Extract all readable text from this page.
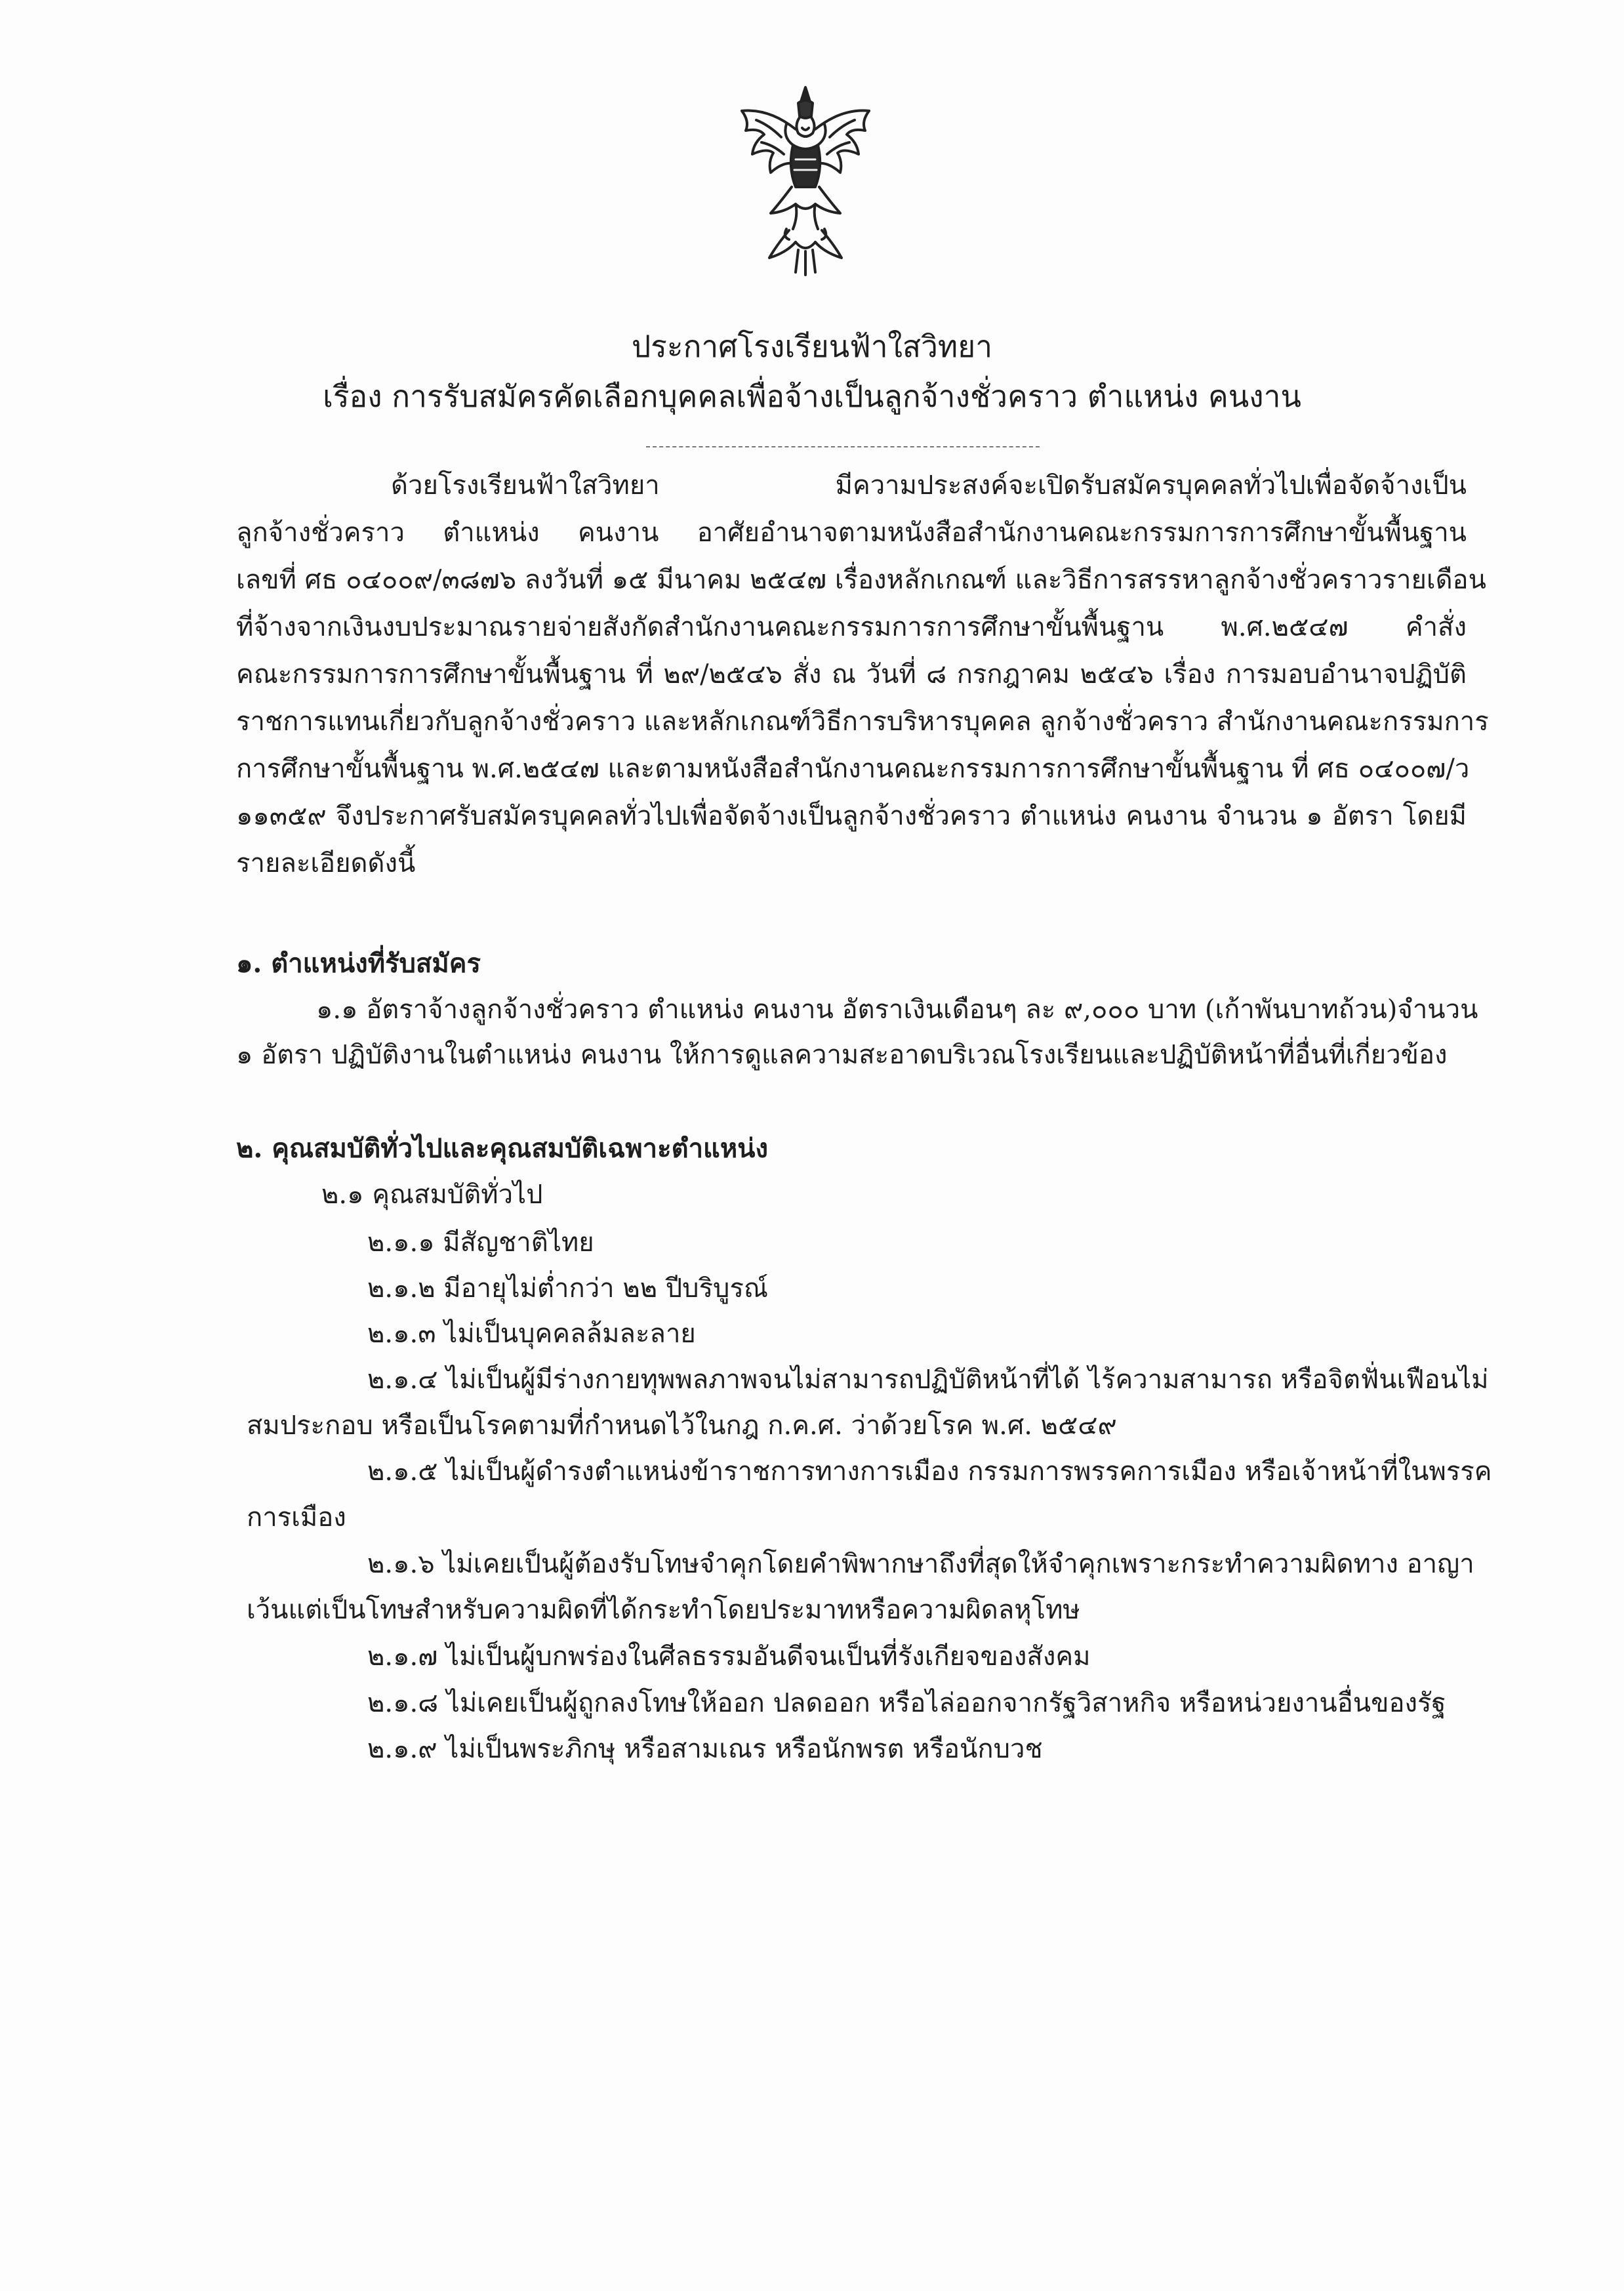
ประกาศโรงเรียนฟ้าใสวิทยา
เรื่อง การรับสมัครคัดเลือกบุคคลเพื่อจ้างเป็นลูกจ้างชั่วคราว ตำแหน่ง คนงาน
ด้วยโรงเรียนฟ้าใสวิทยา มีความประสงค์จะเปิดรับสมัครบุคคลทั่วไปเพื่อจัดจ้างเป็น
ลูกจ้างชั่วคราว ตำแหน่ง คนงาน อาศัยอำนาจตามหนังสือสำนักงานคณะกรรมการการศึกษาขั้นพื้นฐาน
เลขที่ ศธ ๐๔๐๐๙/๓๘๗๖ ลงวันที่ ๑๕ มีนาคม ๒๕๔๗ เรื่องหลักเกณฑ์ และวิธีการสรรหาลูกจ้างชั่วคราวรายเดือน
ที่จ้างจากเงินงบประมาณรายจ่ายสังกัดสำนักงานคณะกรรมการการศึกษาขั้นพื้นฐาน พ.ศ.๒๕๔๗ คำสั่ง
คณะกรรมการการศึกษาขั้นพื้นฐาน ที่ ๒๙/๒๕๔๖ สั่ง ณ วันที่ ๘ กรกฎาคม ๒๕๔๖ เรื่อง การมอบอำนาจปฏิบัติ
ราชการแทนเกี่ยวกับลูกจ้างชั่วคราว และหลักเกณฑ์วิธีการบริหารบุคคล ลูกจ้างชั่วคราว สำนักงานคณะกรรมการ
การศึกษาขั้นพื้นฐาน พ.ศ.๒๕๔๗ และตามหนังสือสำนักงานคณะกรรมการการศึกษาขั้นพื้นฐาน ที่ ศธ ๐๔๐๐๗/ว
๑๑๓๕๙ จึงประกาศรับสมัครบุคคลทั่วไปเพื่อจัดจ้างเป็นลูกจ้างชั่วคราว ตำแหน่ง คนงาน จำนวน ๑ อัตรา โดยมี
รายละเอียดดังนี้
๑. ตำแหน่งที่รับสมัคร
๑.๑ อัตราจ้างลูกจ้างชั่วคราว ตำแหน่ง คนงาน อัตราเงินเดือนๆ ละ ๙,๐๐๐ บาท (เก้าพันบาทถ้วน)จำนวน
๑ อัตรา ปฏิบัติงานในตำแหน่ง คนงาน ให้การดูแลความสะอาดบริเวณโรงเรียนและปฏิบัติหน้าที่อื่นที่เกี่ยวข้อง
๒. คุณสมบัติทั่วไปและคุณสมบัติเฉพาะตำแหน่ง
๒.๑ คุณสมบัติทั่วไป
๒.๑.๑ มีสัญชาติไทย
๒.๑.๒ มีอายุไม่ต่ำกว่า ๒๒ ปีบริบูรณ์
๒.๑.๓ ไม่เป็นบุคคลล้มละลาย
๒.๑.๔ ไม่เป็นผู้มีร่างกายทุพพลภาพจนไม่สามารถปฏิบัติหน้าที่ได้ ไร้ความสามารถ หรือจิตฟั่นเฟือนไม่
สมประกอบ หรือเป็นโรคตามที่กำหนดไว้ในกฎ ก.ค.ศ. ว่าด้วยโรค พ.ศ. ๒๕๔๙
๒.๑.๕ ไม่เป็นผู้ดำรงตำแหน่งข้าราชการทางการเมือง กรรมการพรรคการเมือง หรือเจ้าหน้าที่ในพรรค
การเมือง
๒.๑.๖ ไม่เคยเป็นผู้ต้องรับโทษจำคุกโดยคำพิพากษาถึงที่สุดให้จำคุกเพราะกระทำความผิดทาง อาญา
เว้นแต่เป็นโทษสำหรับความผิดที่ได้กระทำโดยประมาทหรือความผิดลหุโทษ
๒.๑.๗ ไม่เป็นผู้บกพร่องในศีลธรรมอันดีจนเป็นที่รังเกียจของสังคม
๒.๑.๘ ไม่เคยเป็นผู้ถูกลงโทษให้ออก ปลดออก หรือไล่ออกจากรัฐวิสาหกิจ หรือหน่วยงานอื่นของรัฐ
๒.๑.๙ ไม่เป็นพระภิกษุ หรือสามเณร หรือนักพรต หรือนักบวช
